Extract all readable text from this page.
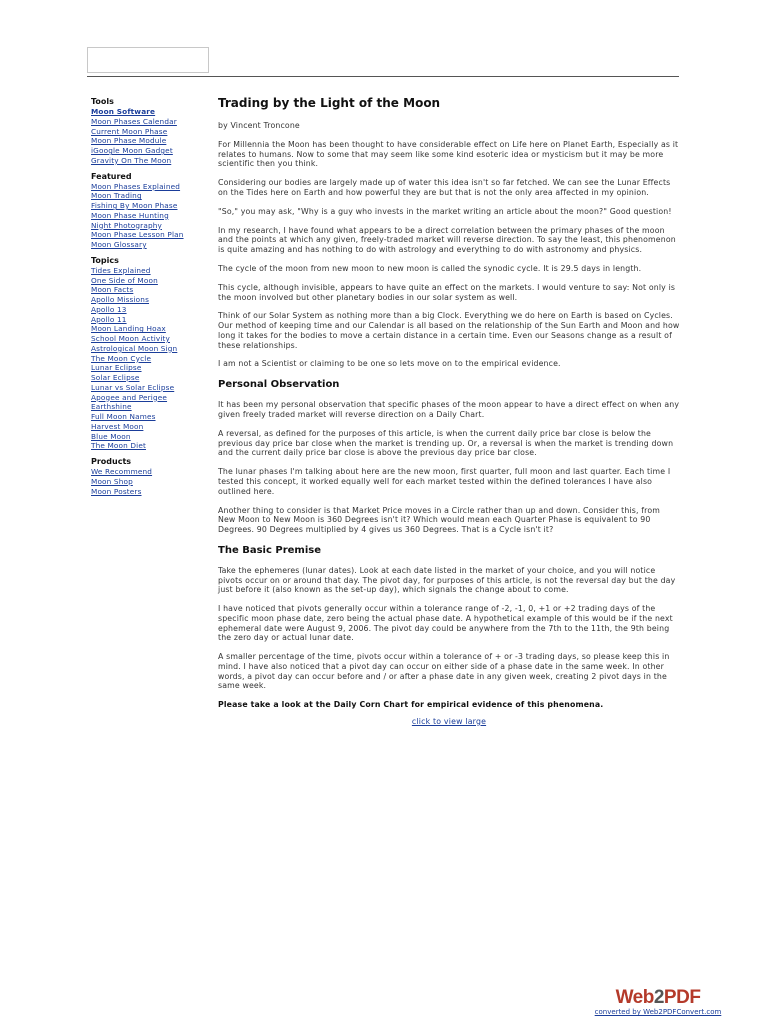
Tools
Moon Software
Moon Phases Calendar
Current Moon Phase
Moon Phase Module
iGoogle Moon Gadget
Gravity On The Moon
Featured
Moon Phases Explained
Moon Trading
Fishing By Moon Phase
Moon Phase Hunting
Night Photography
Moon Phase Lesson Plan
Moon Glossary
Topics
Tides Explained
One Side of Moon
Moon Facts
Apollo Missions
Apollo 13
Apollo 11
Moon Landing Hoax
School Moon Activity
Astrological Moon Sign
The Moon Cycle
Lunar Eclipse
Solar Eclipse
Lunar vs Solar Eclipse
Apogee and Perigee
Earthshine
Full Moon Names
Harvest Moon
Blue Moon
The Moon Diet
Products
We Recommend
Moon Shop
Moon Posters
Trading by the Light of the Moon

by Vincent Troncone

For Millennia the Moon has been thought to have considerable effect on Life here on Planet Earth, Especially as it relates to humans. Now to some that may seem like some kind esoteric idea or mysticism but it may be more scientific then you think.

Considering our bodies are largely made up of water this idea isn't so far fetched. We can see the Lunar Effects on the Tides here on Earth and how powerful they are but that is not the only area affected in my opinion.

"So," you may ask, "Why is a guy who invests in the market writing an article about the moon?" Good question!

In my research, I have found what appears to be a direct correlation between the primary phases of the moon and the points at which any given, freely-traded market will reverse direction. To say the least, this phenomenon is quite amazing and has nothing to do with astrology and everything to do with astronomy and physics.

The cycle of the moon from new moon to new moon is called the synodic cycle. It is 29.5 days in length.

This cycle, although invisible, appears to have quite an effect on the markets. I would venture to say: Not only is the moon involved but other planetary bodies in our solar system as well.

Think of our Solar System as nothing more than a big Clock. Everything we do here on Earth is based on Cycles. Our method of keeping time and our Calendar is all based on the relationship of the Sun Earth and Moon and how long it takes for the bodies to move a certain distance in a certain time. Even our Seasons change as a result of these relationships.

I am not a Scientist or claiming to be one so lets move on to the empirical evidence.

Personal Observation

It has been my personal observation that specific phases of the moon appear to have a direct effect on when any given freely traded market will reverse direction on a Daily Chart.

A reversal, as defined for the purposes of this article, is when the current daily price bar close is below the previous day price bar close when the market is trending up. Or, a reversal is when the market is trending down and the current daily price bar close is above the previous day price bar close.

The lunar phases I'm talking about here are the new moon, first quarter, full moon and last quarter. Each time I tested this concept, it worked equally well for each market tested within the defined tolerances I have also outlined here.

Another thing to consider is that Market Price moves in a Circle rather than up and down. Consider this, from New Moon to New Moon is 360 Degrees isn't it? Which would mean each Quarter Phase is equivalent to 90 Degrees. 90 Degrees multiplied by 4 gives us 360 Degrees. That is a Cycle isn't it?

The Basic Premise

Take the ephemeres (lunar dates). Look at each date listed in the market of your choice, and you will notice pivots occur on or around that day. The pivot day, for purposes of this article, is not the reversal day but the day just before it (also known as the set-up day), which signals the change about to come.

I have noticed that pivots generally occur within a tolerance range of -2, -1, 0, +1 or +2 trading days of the specific moon phase date, zero being the actual phase date. A hypothetical example of this would be if the next ephemeral date were August 9, 2006. The pivot day could be anywhere from the 7th to the 11th, the 9th being the zero day or actual lunar date.

A smaller percentage of the time, pivots occur within a tolerance of + or -3 trading days, so please keep this in mind. I have also noticed that a pivot day can occur on either side of a phase date in the same week. In other words, a pivot day can occur before and / or after a phase date in any given week, creating 2 pivot days in the same week.

Please take a look at the Daily Corn Chart for empirical evidence of this phenomena.

click to view large

Web2PDF
converted by Web2PDFConvert.com
